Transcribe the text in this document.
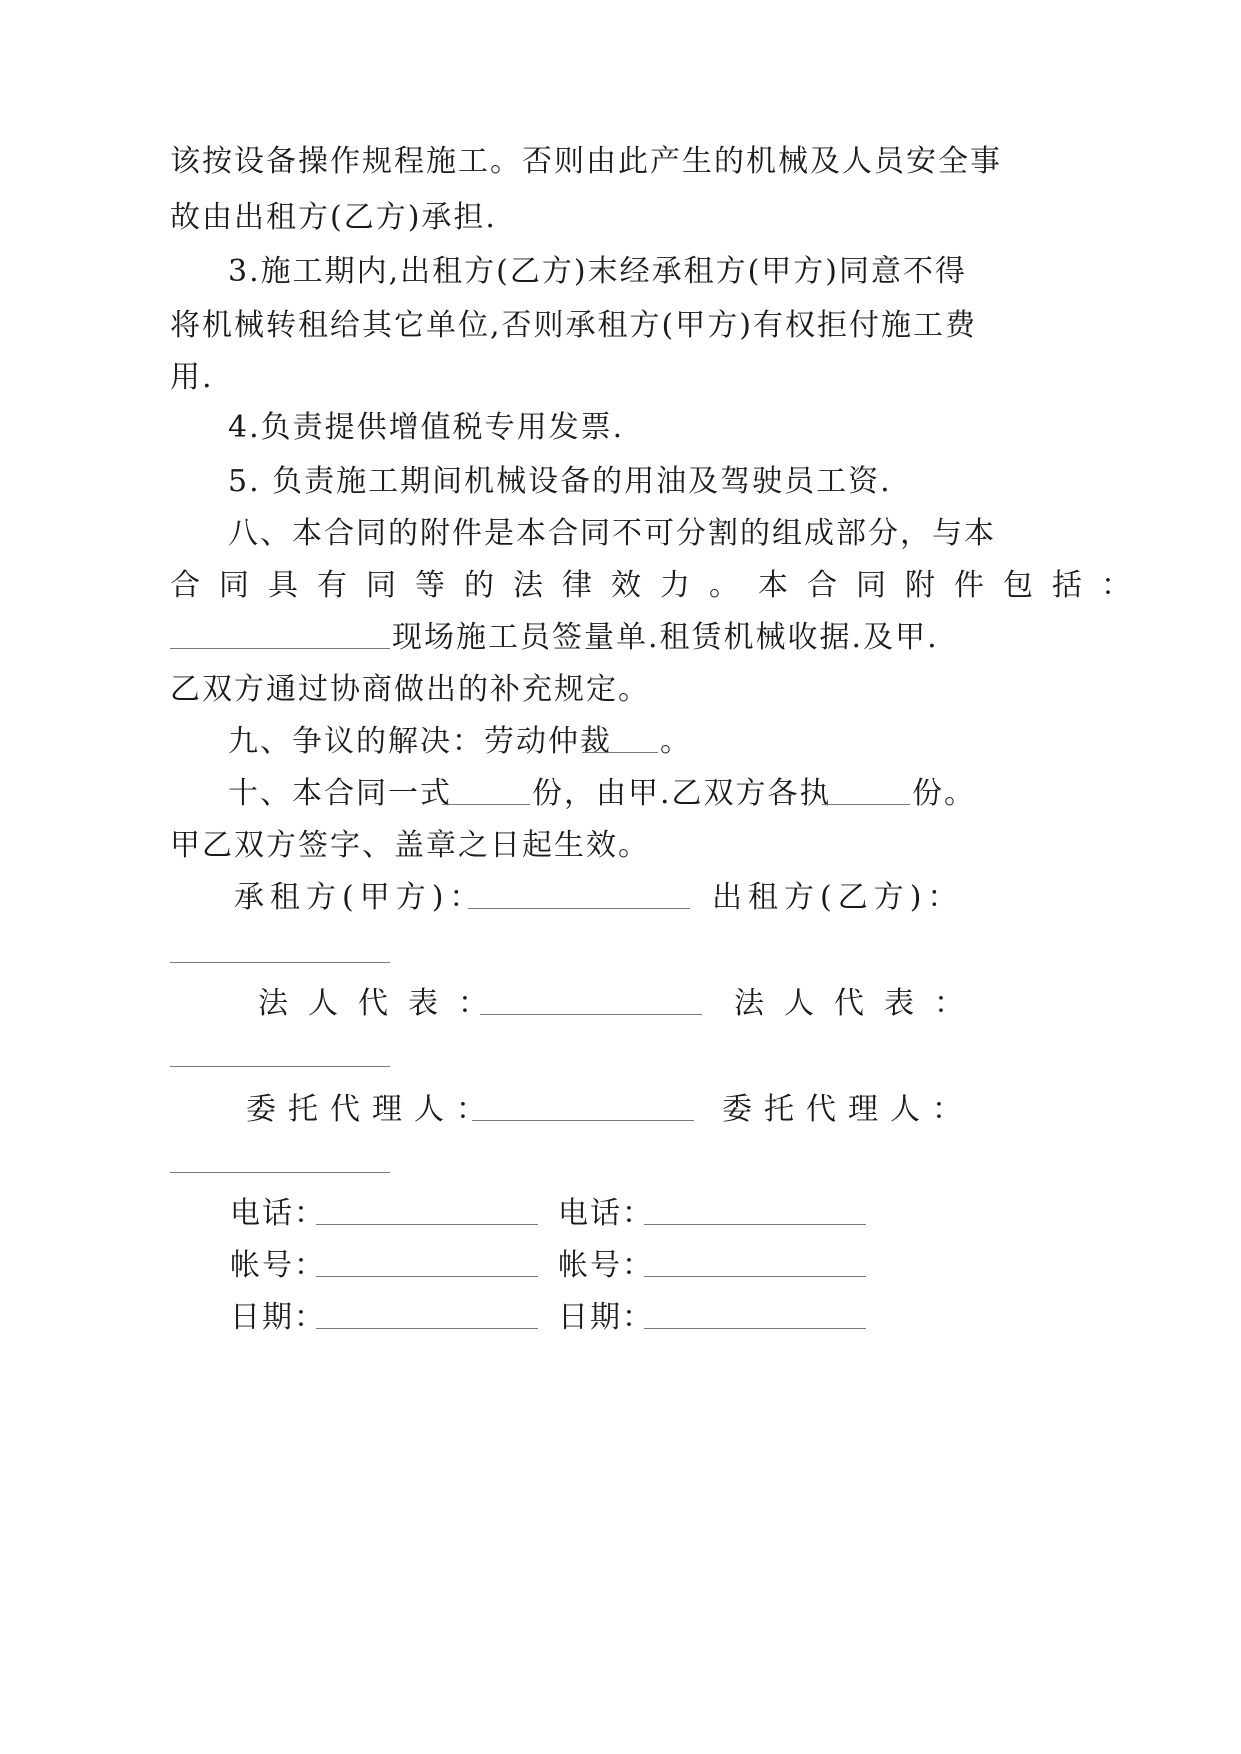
该按设备操作规程施工。否则由此产生的机械及人员安全事
故由出租方(乙方)承担.
3.施工期内,出租方(乙方)末经承租方(甲方)同意不得
将机械转租给其它单位,否则承租方(甲方)有权拒付施工费
用.
4.负责提供增值税专用发票.
5. 负责施工期间机械设备的用油及驾驶员工资.
八、本合同的附件是本合同不可分割的组成部分，与本
合同具有同等的法律效力。本合同附件包括：
现场施工员签量单.租赁机械收据.及甲.
乙双方通过协商做出的补充规定。
九、争议的解决：劳动仲裁 。
十、本合同一式	份，由甲.乙双方各执	份。
甲乙双方签字、盖章之日起生效。
承租方(甲方)：	出租方(乙方)：
法人代表：	法人代表：
委托代理人：	委托代理人：
电话：	电话：
帐号：	帐号：
日期：	日期：
